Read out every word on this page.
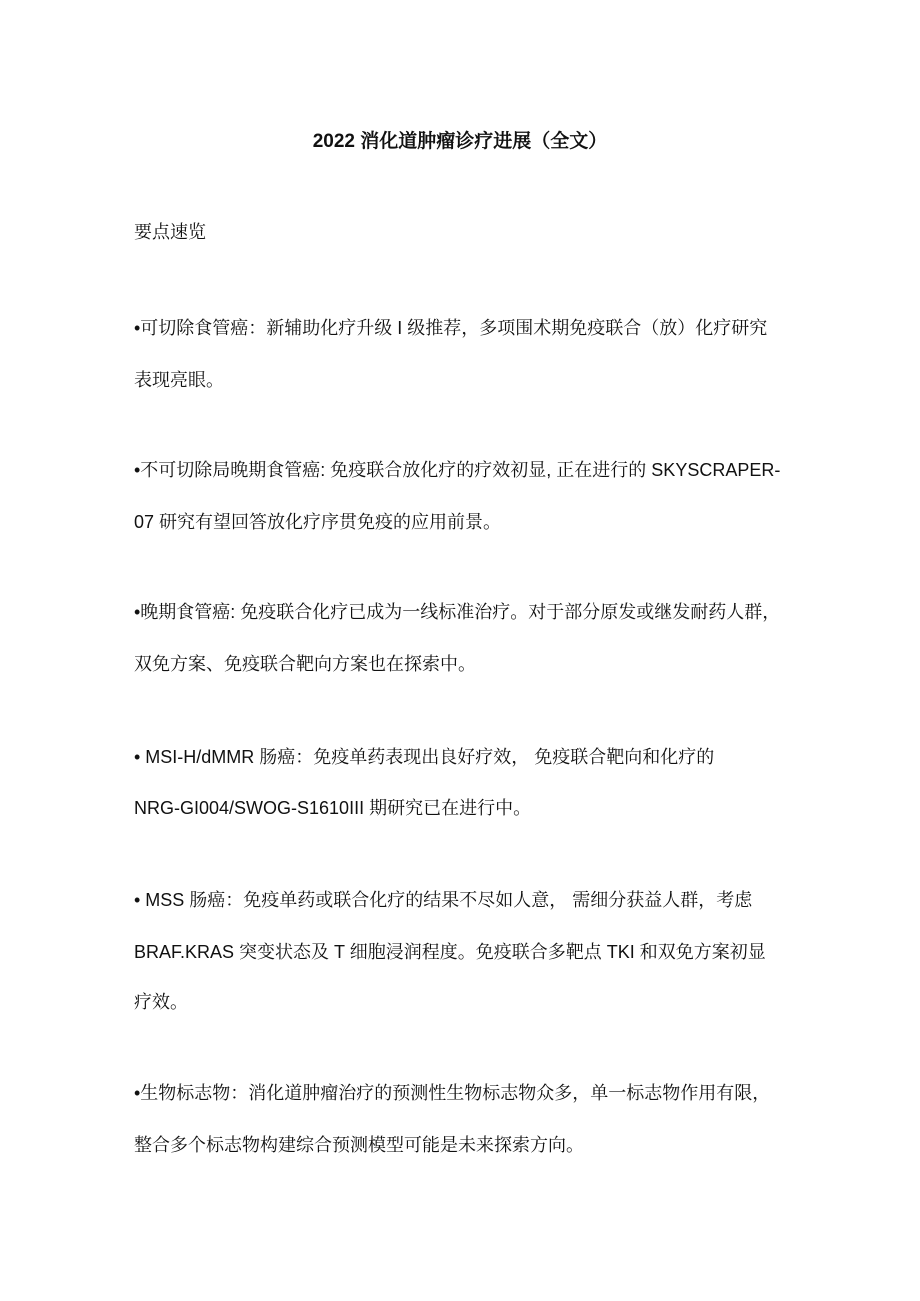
2022 消化道肿瘤诊疗进展（全文）
要点速览
•可切除食管癌：新辅助化疗升级 I 级推荐，多项围术期免疫联合（放）化疗研究
表现亮眼。
•不可切除局晚期食管癌: 免疫联合放化疗的疗效初显, 正在进行的 SKYSCRAPER-
07 研究有望回答放化疗序贯免疫的应用前景。
•晚期食管癌: 免疫联合化疗已成为一线标准治疗。对于部分原发或继发耐药人群，
双免方案、免疫联合靶向方案也在探索中。
• MSI-H/dMMR 肠癌：免疫单药表现出良好疗效， 免疫联合靶向和化疗的
NRG-GI004/SWOG-S1610III 期研究已在进行中。
• MSS 肠癌：免疫单药或联合化疗的结果不尽如人意， 需细分获益人群，考虑
BRAF.KRAS 突变状态及 T 细胞浸润程度。免疫联合多靶点 TKI 和双免方案初显
疗效。
•生物标志物：消化道肿瘤治疗的预测性生物标志物众多，单一标志物作用有限，
整合多个标志物构建综合预测模型可能是未来探索方向。
